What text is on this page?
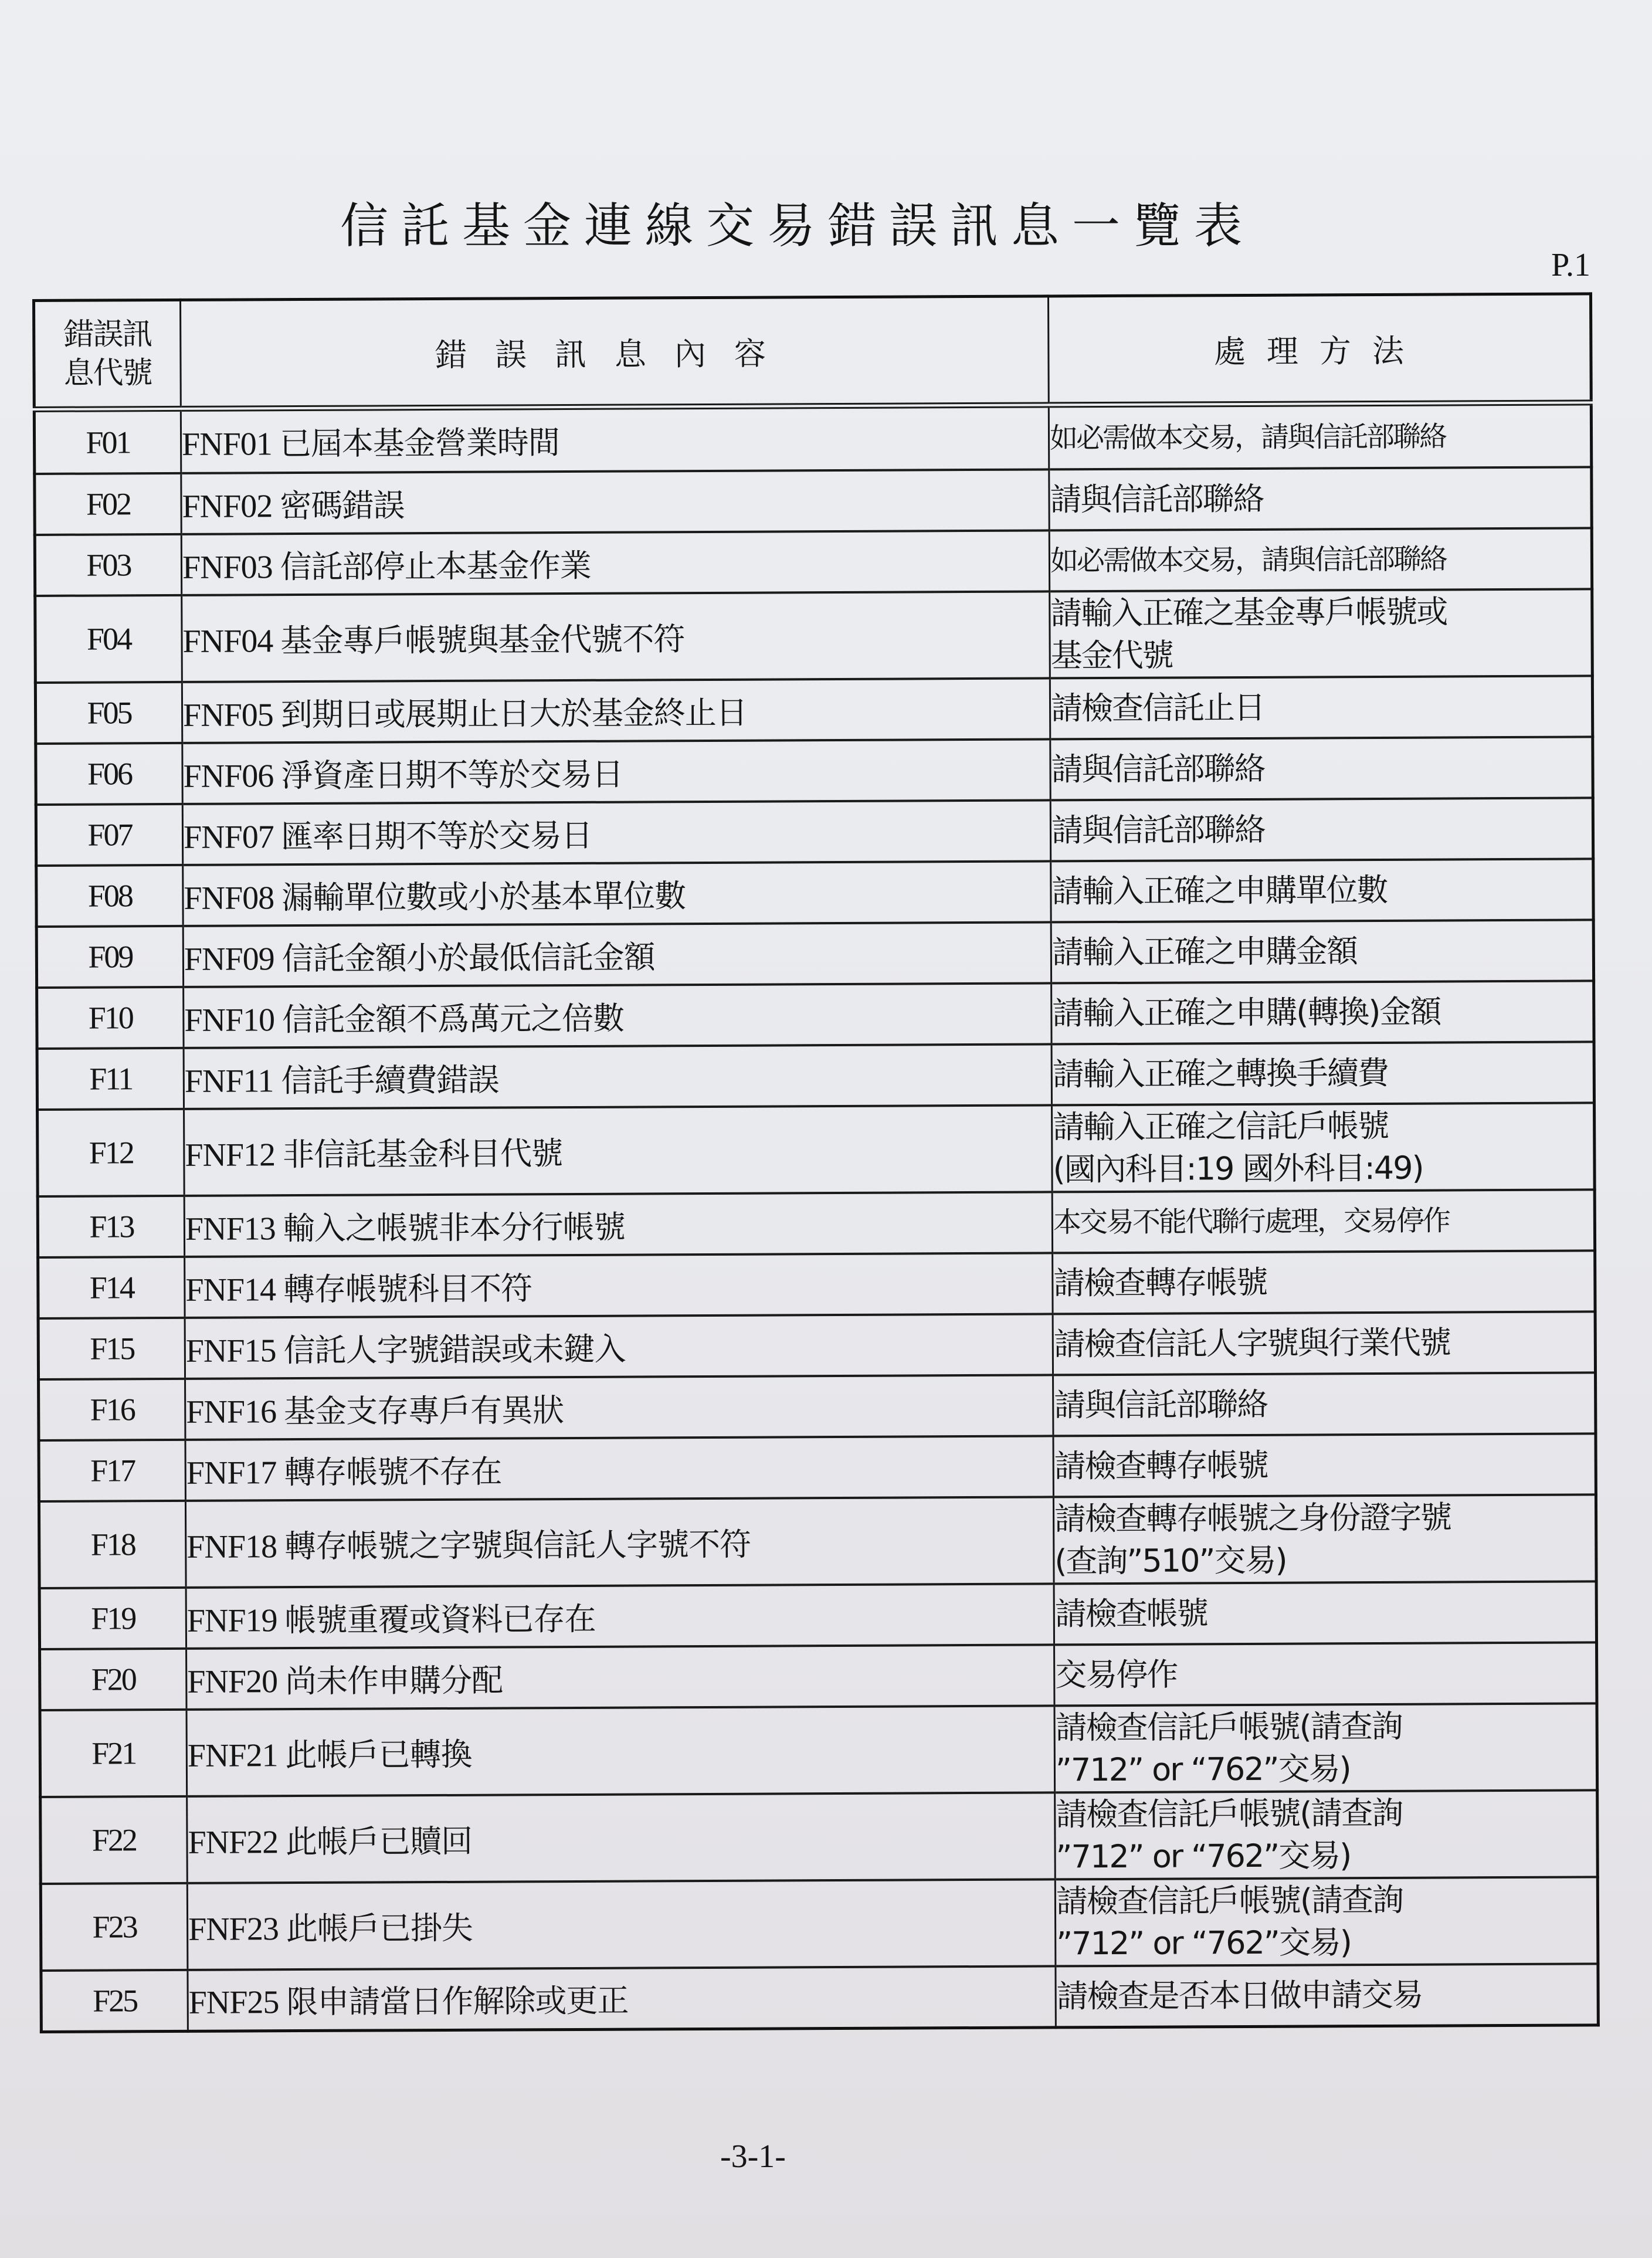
信託基金連線交易錯誤訊息一覽表
P.1
錯誤訊
息代號	錯誤訊息內容	處理方法
F01	FNF01 已屆本基金營業時間	如必需做本交易，請與信託部聯絡

F02	FNF02 密碼錯誤	請與信託部聯絡

F03	FNF03 信託部停止本基金作業	如必需做本交易，請與信託部聯絡

F04	FNF04 基金專戶帳號與基金代號不符	請輸入正確之基金專戶帳號或
基金代號

F05	FNF05 到期日或展期止日大於基金終止日	請檢查信託止日

F06	FNF06 淨資產日期不等於交易日	請與信託部聯絡

F07	FNF07 匯率日期不等於交易日	請與信託部聯絡

F08	FNF08 漏輸單位數或小於基本單位數	請輸入正確之申購單位數

F09	FNF09 信託金額小於最低信託金額	請輸入正確之申購金額

F10	FNF10 信託金額不爲萬元之倍數	請輸入正確之申購(轉換)金額

F11	FNF11 信託手續費錯誤	請輸入正確之轉換手續費

F12	FNF12 非信託基金科目代號	請輸入正確之信託戶帳號
(國內科目:19 國外科目:49)

F13	FNF13 輸入之帳號非本分行帳號	本交易不能代聯行處理，交易停作

F14	FNF14 轉存帳號科目不符	請檢查轉存帳號

F15	FNF15 信託人字號錯誤或未鍵入	請檢查信託人字號與行業代號

F16	FNF16 基金支存專戶有異狀	請與信託部聯絡

F17	FNF17 轉存帳號不存在	請檢查轉存帳號

F18	FNF18 轉存帳號之字號與信託人字號不符	請檢查轉存帳號之身份證字號
(查詢”510”交易)

F19	FNF19 帳號重覆或資料已存在	請檢查帳號

F20	FNF20 尚未作申購分配	交易停作

F21	FNF21 此帳戶已轉換	請檢查信託戶帳號(請查詢
”712” or “762”交易)

F22	FNF22 此帳戶已贖回	請檢查信託戶帳號(請查詢
”712” or “762”交易)

F23	FNF23 此帳戶已掛失	請檢查信託戶帳號(請查詢
”712” or “762”交易)

F25	FNF25 限申請當日作解除或更正	請檢查是否本日做申請交易
-3-1-
